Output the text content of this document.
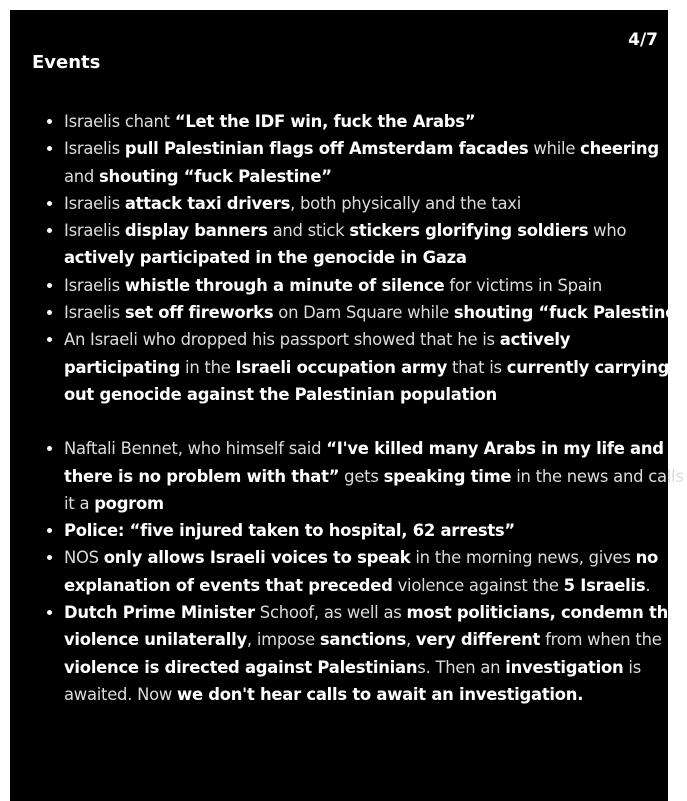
4/7
Events
• Israelis chant “Let the IDF win, fuck the Arabs”
• Israelis pull Palestinian flags off Amsterdam facades while cheering and shouting “fuck Palestine”
• Israelis attack taxi drivers, both physically and the taxi
• Israelis display banners and stick stickers glorifying soldiers who actively participated in the genocide in Gaza
• Israelis whistle through a minute of silence for victims in Spain
• Israelis set off fireworks on Dam Square while shouting “fuck Palestine”
• An Israeli who dropped his passport showed that he is actively participating in the Israeli occupation army that is currently carrying out genocide against the Palestinian population
• Naftali Bennet, who himself said “I've killed many Arabs in my life and there is no problem with that” gets speaking time in the news and calls it a pogrom
• Police: “five injured taken to hospital, 62 arrests”
• NOS only allows Israeli voices to speak in the morning news, gives no explanation of events that preceded violence against the 5 Israelis.
• Dutch Prime Minister Schoof, as well as most politicians, condemn the violence unilaterally, impose sanctions, very different from when the violence is directed against Palestinians. Then an investigation is awaited. Now we don't hear calls to await an investigation.
